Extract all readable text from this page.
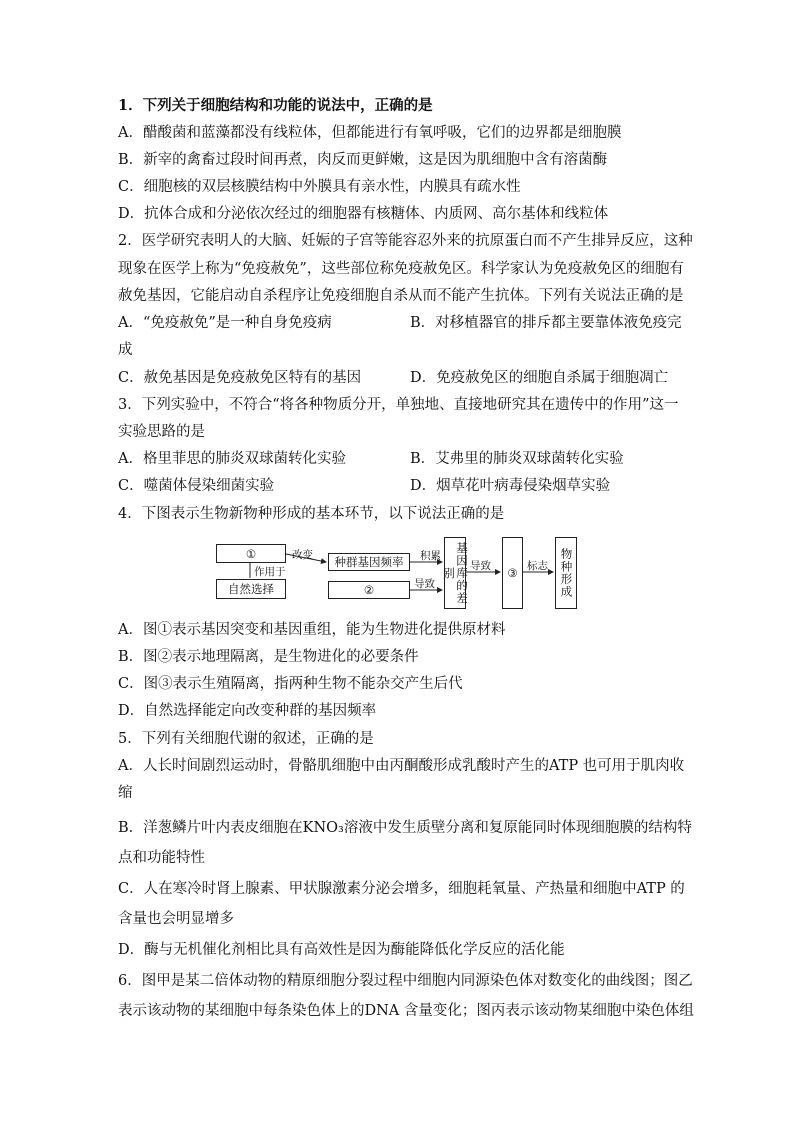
1．下列关于细胞结构和功能的说法中，正确的是
A．醋酸菌和蓝藻都没有线粒体，但都能进行有氧呼吸，它们的边界都是细胞膜
B．新宰的禽畜过段时间再煮，肉反而更鲜嫩，这是因为肌细胞中含有溶菌酶
C．细胞核的双层核膜结构中外膜具有亲水性，内膜具有疏水性
D．抗体合成和分泌依次经过的细胞器有核糖体、内质网、高尔基体和线粒体
2．医学研究表明人的大脑、妊娠的子宫等能容忍外来的抗原蛋白而不产生排异反应，这种
现象在医学上称为“免疫赦免”，这些部位称免疫赦免区。科学家认为免疫赦免区的细胞有
赦免基因，它能启动自杀程序让免疫细胞自杀从而不能产生抗体。下列有关说法正确的是
A．“免疫赦免”是一种自身免疫病	B．对移植器官的排斥都主要靠体液免疫完
成
C．赦免基因是免疫赦免区特有的基因	D．免疫赦免区的细胞自杀属于细胞凋亡
3．下列实验中，不符合“将各种物质分开，单独地、直接地研究其在遗传中的作用”这一
实验思路的是
A．格里菲思的肺炎双球菌转化实验	B．艾弗里的肺炎双球菌转化实验
C．噬菌体侵染细菌实验	D．烟草花叶病毒侵染烟草实验
4．下图表示生物新物种形成的基本环节，以下说法正确的是
①
作用于
自然选择
改变	种群基因频率
②
积累
导致	基因库的差别
导致	③ 标志	物种形成
A．图①表示基因突变和基因重组，能为生物进化提供原材料
B．图②表示地理隔离，是生物进化的必要条件
C．图③表示生殖隔离，指两种生物不能杂交产生后代
D．自然选择能定向改变种群的基因频率
5．下列有关细胞代谢的叙述，正确的是
A．人长时间剧烈运动时，骨骼肌细胞中由丙酮酸形成乳酸时产生的ATP 也可用于肌肉收
缩
B．洋葱鳞片叶内表皮细胞在KNO₃溶液中发生质壁分离和复原能同时体现细胞膜的结构特
点和功能特性
C．人在寒冷时肾上腺素、甲状腺激素分泌会增多，细胞耗氧量、产热量和细胞中ATP 的
含量也会明显增多
D．酶与无机催化剂相比具有高效性是因为酶能降低化学反应的活化能
6．图甲是某二倍体动物的精原细胞分裂过程中细胞内同源染色体对数变化的曲线图；图乙
表示该动物的某细胞中每条染色体上的DNA 含量变化；图丙表示该动物某细胞中染色体组
